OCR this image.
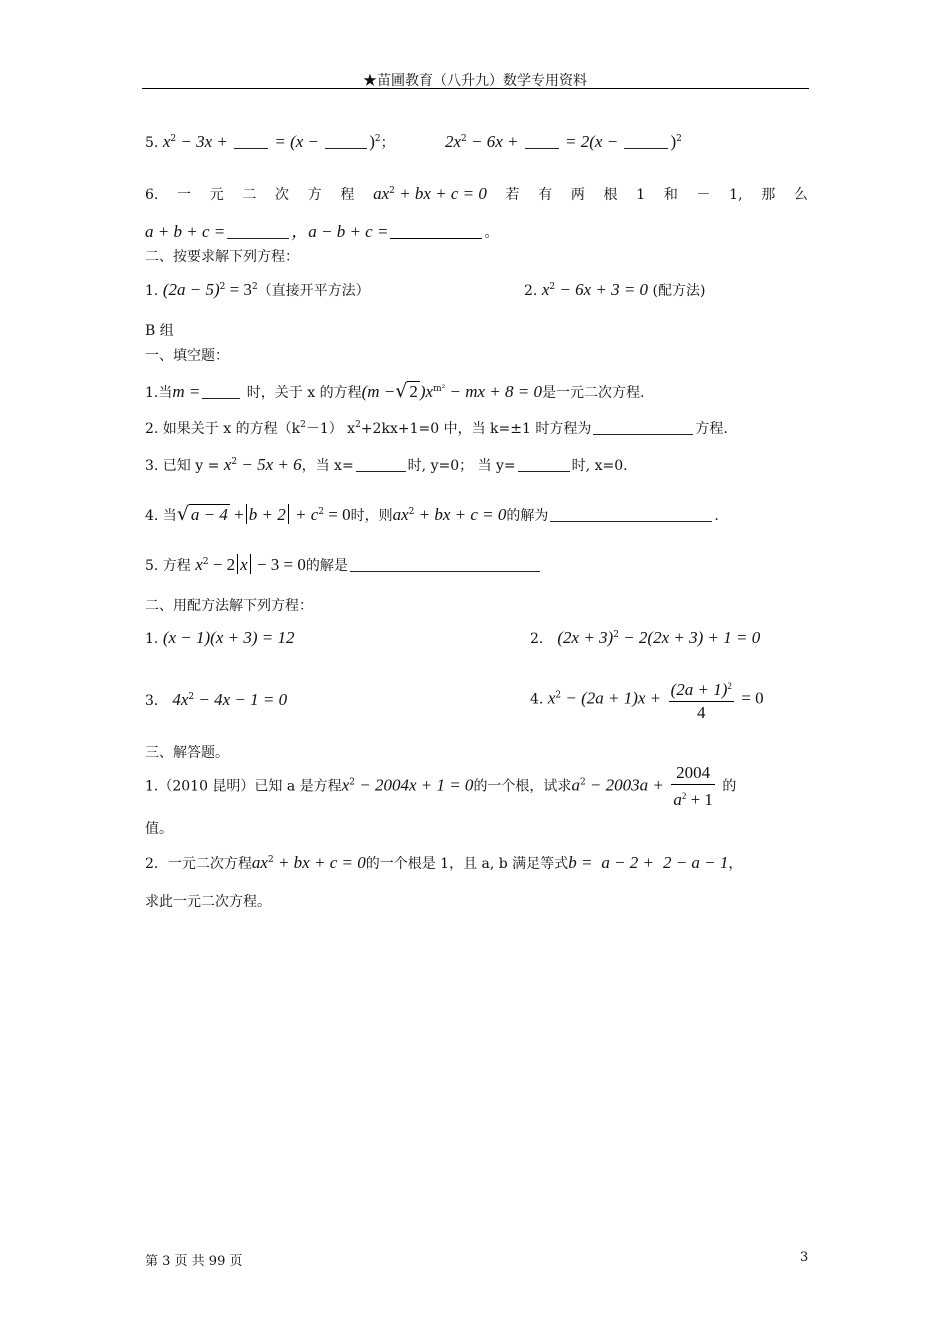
★苗圃教育（八升九）数学专用资料
5. $x^2 - 3x$ +  = (x −	)$^2$；	$2x^2 - 6x$ +  = 2(x −	)$^2$
6. 一 元 二 次 方 程 $ax^2$ + bx + c = 0 若 有 两 根 1 和 － 1, 那 么
a + b + c =	，a − b + c =	。
二、按要求解下列方程：
1. $(2a - 5)^2 = 3^2$（直接开平方法）	2. $x^2 - 6x + 3 = 0$ (配方法)
B 组
一、填空题：
1.当m =	时，关于 x 的方程(m −√ 2 )$x^{m^2}$ − mx + 8 = 0是一元二次方程.
2. 如果关于 x 的方程$(k^2-1)$ $x^2+2kx+1=0$ 中，当 k=±1 时方程为	方程.
3. 已知 $y = x^2 - 5x + 6$，当 x=	时, y=0； 当 y=	时, x=0.
4. 当√ $a - 4 + b + 2 + c^2 = 0$时，则$ax^2$ + bx + c = 0的解为	.
5. 方程 $x^2 - 2$ x − 3 = 0的解是
二、用配方法解下列方程：
1. (x − 1)(x + 3) = 12	2． $(2x + 3)^2 - 2(2x + 3) + 1 = 0$
3． $4x^2 - 4x - 1 = 0$	4. $x^2 - (2a + 1)x + \frac{(2a + 1)^2}{4} = 0$
三、解答题。
1.（2010 昆明）已知 a 是方程$x^2 - 2004x + 1 = 0$的一个根，试求$a^2 - 2003a + \frac{2004}{a^2 + 1}$ 的
值。
2．一元二次方程$ax^2$ + bx + c = 0的一个根是 1，且 a, b 满足等式b = a − 2 + 2 − a − 1，
求此一元二次方程。
第 3 页 共 99 页	3
